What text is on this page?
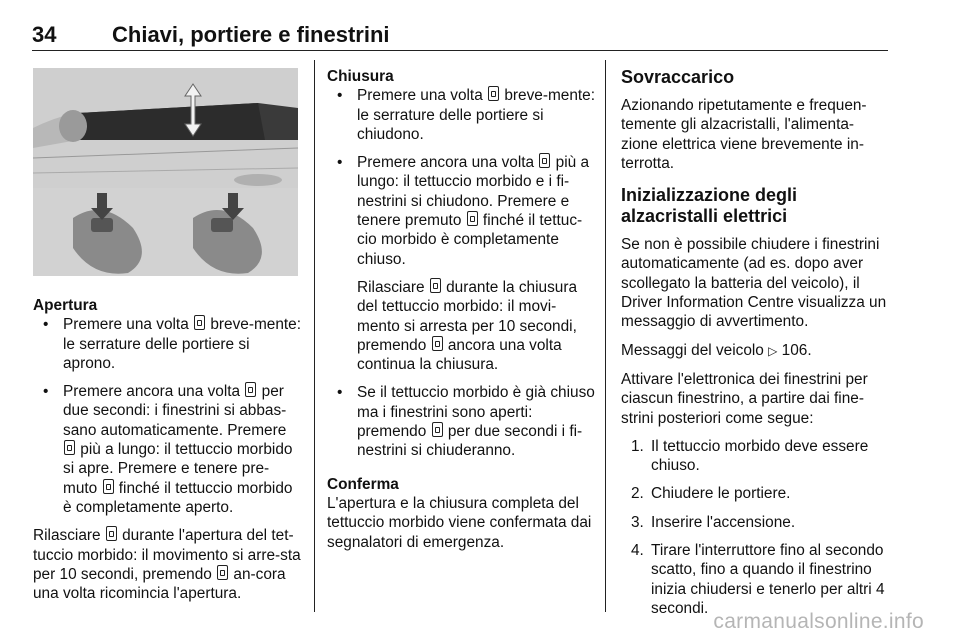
34	Chiavi, portiere e finestrini
Apertura
• Premere una volta  breve-mente: le serrature delle portiere si aprono.
• Premere ancora una volta  per due secondi: i finestrini si abbas-sano automaticamente. Premere  più a lungo: il tettuccio morbido si apre. Premere e tenere pre-muto  finché il tettuccio morbido è completamente aperto.

Rilasciare  durante l'apertura del tet-tuccio morbido: il movimento si arre-sta per 10 secondi, premendo  an-cora una volta ricomincia l'apertura.

Chiusura
• Premere una volta  breve-mente: le serrature delle portiere si chiudono.
• Premere ancora una volta  più a lungo: il tettuccio morbido e i fi-nestrini si chiudono. Premere e tenere premuto  finché il tettuc-cio morbido è completamente chiuso.

Rilasciare  durante la chiusura del tettuccio morbido: il movi-mento si arresta per 10 secondi, premendo  ancora una volta continua la chiusura.

• Se il tettuccio morbido è già chiuso ma i finestrini sono aperti: premendo  per due secondi i fi-nestrini si chiuderanno.
Conferma

L'apertura e la chiusura completa del tettuccio morbido viene confermata dai segnalatori di emergenza.

Sovraccarico

Azionando ripetutamente e frequen-temente gli alzacristalli, l'alimenta-zione elettrica viene brevemente in-terrotta.

Inizializzazione degli alzacristalli elettrici

Se non è possibile chiudere i finestrini automaticamente (ad es. dopo aver scollegato la batteria del veicolo), il Driver Information Centre visualizza un messaggio di avvertimento.

Messaggi del veicolo ▷ 106.

Attivare l'elettronica dei finestrini per ciascun finestrino, a partire dai fine-strini posteriori come segue:

1. Il tettuccio morbido deve essere chiuso.
2. Chiudere le portiere.
3. Inserire l'accensione.
4. Tirare l'interruttore fino al secondo scatto, fino a quando il finestrino inizia chiudersi e tenerlo per altri 4 secondi.
carmanualsonline.info
